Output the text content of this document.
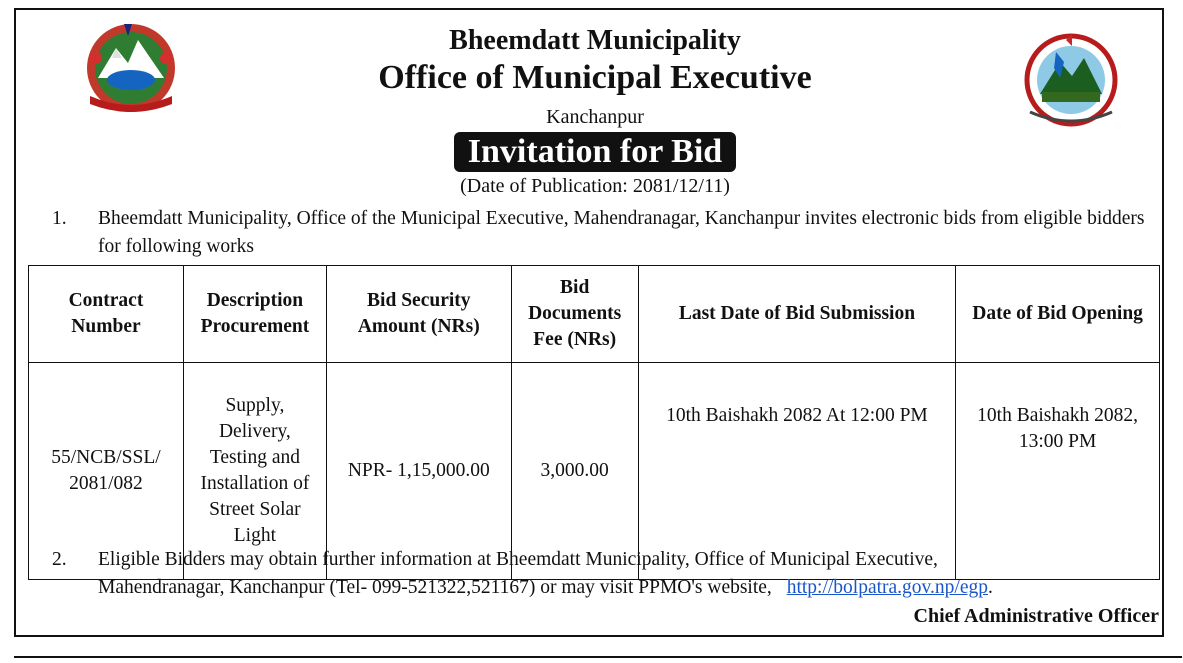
Bheemdatt Municipality
Office of Municipal Executive
Kanchanpur
Invitation for Bid
(Date of Publication: 2081/12/11)
1.	Bheemdatt Municipality, Office of the Municipal Executive, Mahendranagar, Kanchanpur invites electronic bids from eligible bidders for following works
Contract Number	Description Procurement	Bid Security Amount (NRs)	Bid Documents Fee (NRs)	Last Date of Bid Submission	Date of Bid Opening
55/NCB/SSL/ 2081/082	Supply, Delivery, Testing and Installation of Street Solar Light	NPR- 1,15,000.00	3,000.00	10th Baishakh 2082 At 12:00 PM	10th Baishakh 2082, 13:00 PM
2. Eligible Bidders may obtain further information at Bheemdatt Municipality, Office of Municipal Executive,
Mahendranagar, Kanchanpur (Tel- 099-521322,521167) or may visit PPMO's website, http://bolpatra.gov.np/egp.
Chief Administrative Officer
